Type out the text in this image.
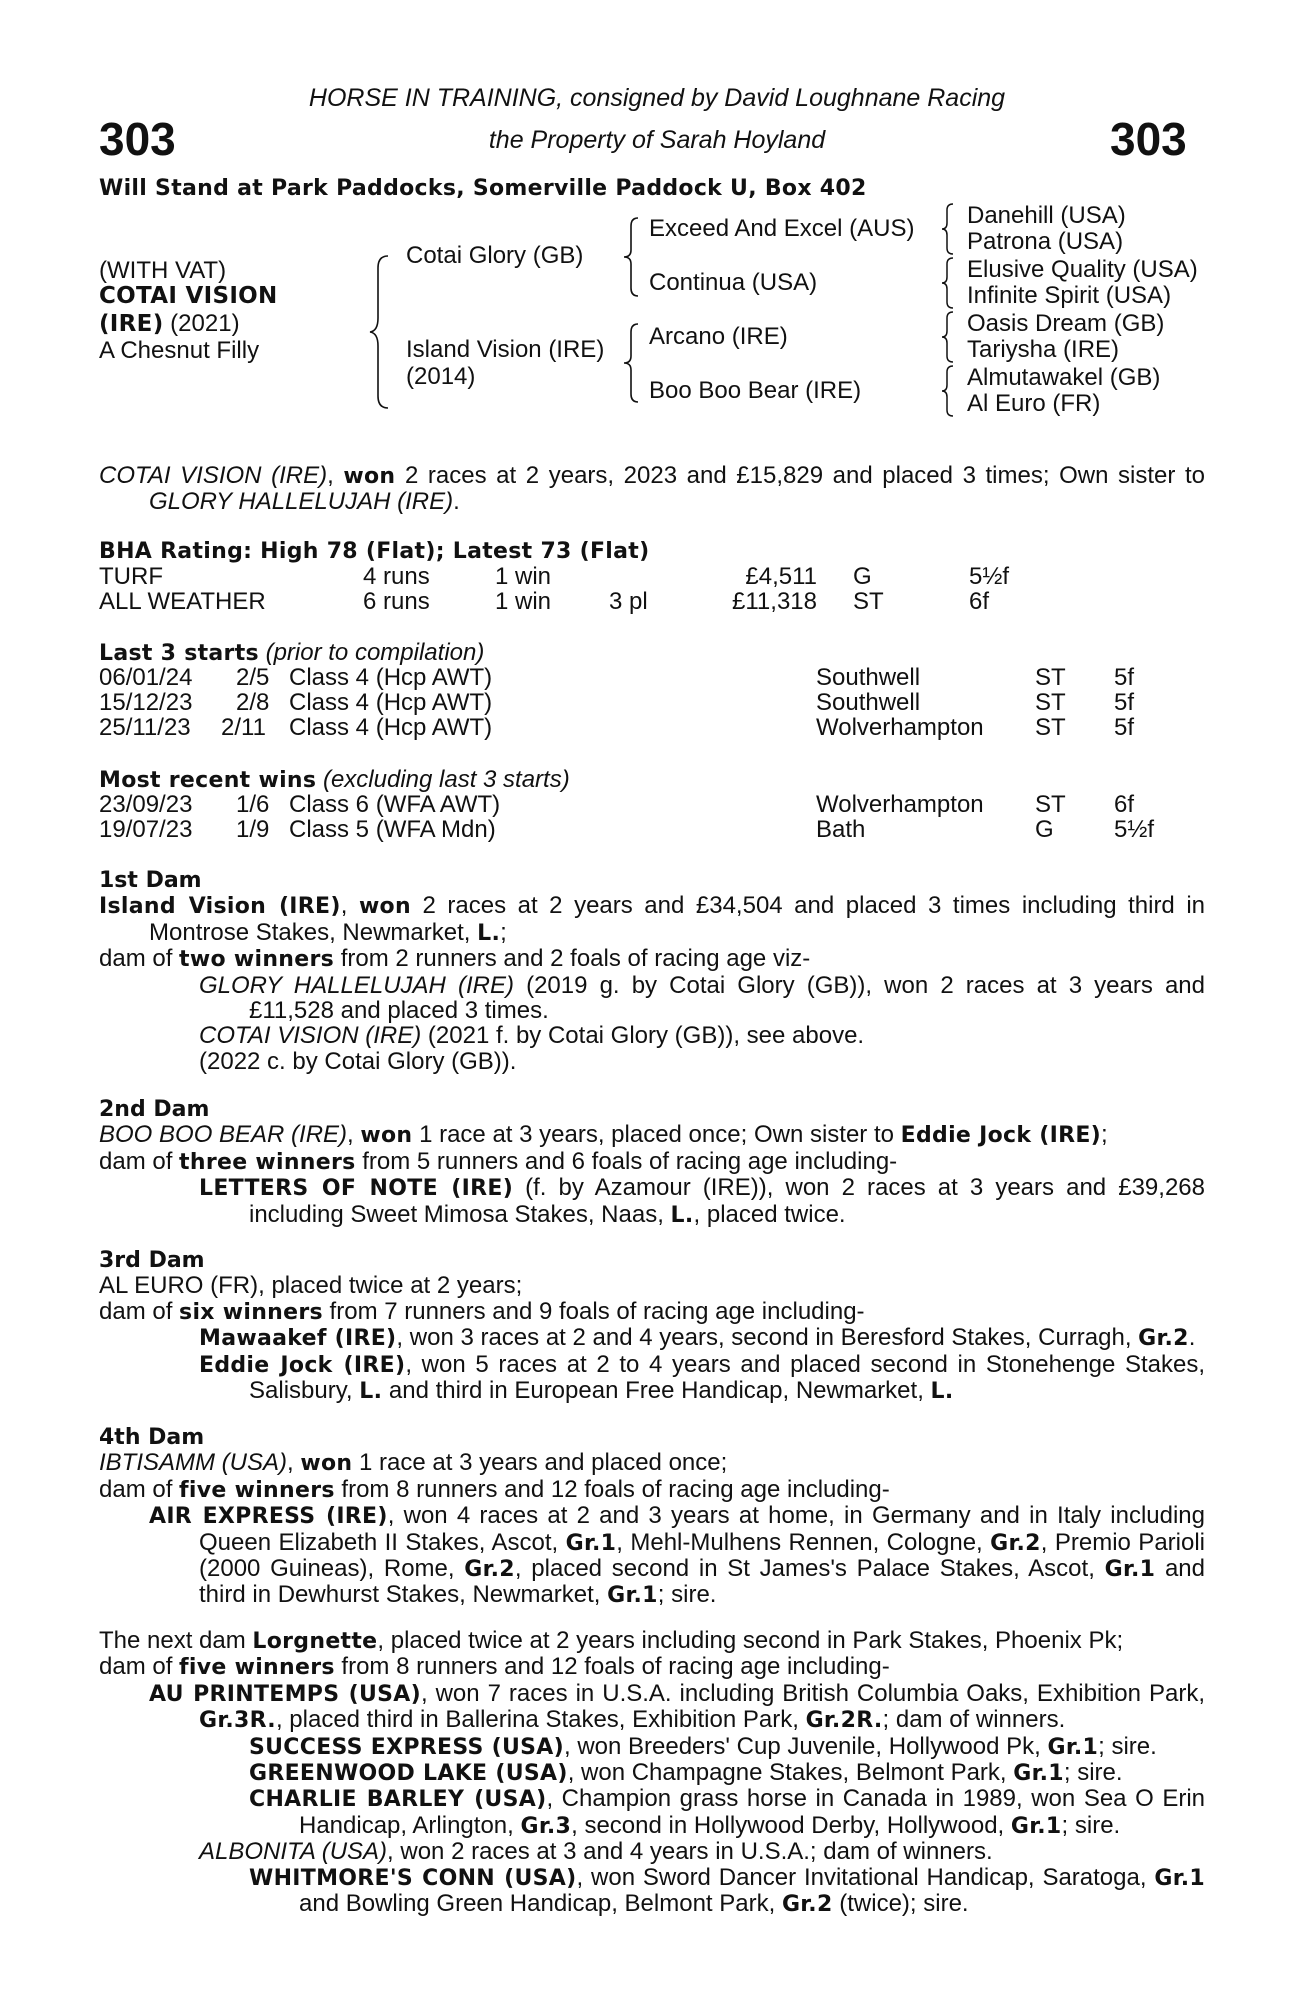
303	303
HORSE IN TRAINING, consigned by David Loughnane Racing
the Property of Sarah Hoyland
Will Stand at Park Paddocks, Somerville Paddock U, Box 402
(WITH VAT)
COTAI VISION
(IRE) (2021)
A Chesnut Filly
Cotai Glory (GB)
Island Vision (IRE)
(2014)
Exceed And Excel (AUS)
Continua (USA)
Arcano (IRE)
Boo Boo Bear (IRE)
Danehill (USA)
Patrona (USA)
Elusive Quality (USA)
Infinite Spirit (USA)
Oasis Dream (GB)
Tariysha (IRE)
Almutawakel (GB)
Al Euro (FR)

COTAI VISION (IRE), won 2 races at 2 years, 2023 and £15,829 and placed 3 times; Own sister to GLORY HALLELUJAH (IRE).

BHA Rating: High 78 (Flat); Latest 73 (Flat)
TURF	4 runs	1 win	£4,511 G	5½f
ALL WEATHER	6 runs	1 win 3 pl	£11,318 ST	6f
Last 3 starts (prior to compilation)
06/01/24 2/5 Class 4 (Hcp AWT)	Southwell	ST 5f
15/12/23 2/8 Class 4 (Hcp AWT)	Southwell	ST 5f
25/11/23 2/11 Class 4 (Hcp AWT)	Wolverhampton ST 5f
Most recent wins (excluding last 3 starts)
23/09/23 1/6 Class 6 (WFA AWT)	Wolverhampton ST 6f
19/07/23 1/9 Class 5 (WFA Mdn)	Bath	G	5½f

1st Dam

Island Vision (IRE), won 2 races at 2 years and £34,504 and placed 3 times including third in Montrose Stakes, Newmarket, L.;

dam of two winners from 2 runners and 2 foals of racing age viz-

GLORY HALLELUJAH (IRE) (2019 g. by Cotai Glory (GB)), won 2 races at 3 years and £11,528 and placed 3 times.

COTAI VISION (IRE) (2021 f. by Cotai Glory (GB)), see above.

(2022 c. by Cotai Glory (GB)).

2nd Dam

BOO BOO BEAR (IRE), won 1 race at 3 years, placed once; Own sister to Eddie Jock (IRE);

dam of three winners from 5 runners and 6 foals of racing age including-

LETTERS OF NOTE (IRE) (f. by Azamour (IRE)), won 2 races at 3 years and £39,268 including Sweet Mimosa Stakes, Naas, L., placed twice.

3rd Dam

AL EURO (FR), placed twice at 2 years;

dam of six winners from 7 runners and 9 foals of racing age including-

Mawaakef (IRE), won 3 races at 2 and 4 years, second in Beresford Stakes, Curragh, Gr.2.

Eddie Jock (IRE), won 5 races at 2 to 4 years and placed second in Stonehenge Stakes, Salisbury, L. and third in European Free Handicap, Newmarket, L.

4th Dam

IBTISAMM (USA), won 1 race at 3 years and placed once;

dam of five winners from 8 runners and 12 foals of racing age including-

AIR EXPRESS (IRE), won 4 races at 2 and 3 years at home, in Germany and in Italy including Queen Elizabeth II Stakes, Ascot, Gr.1, Mehl-Mulhens Rennen, Cologne, Gr.2, Premio Parioli (2000 Guineas), Rome, Gr.2, placed second in St James's Palace Stakes, Ascot, Gr.1 and third in Dewhurst Stakes, Newmarket, Gr.1; sire.

The next dam Lorgnette, placed twice at 2 years including second in Park Stakes, Phoenix Pk;

dam of five winners from 8 runners and 12 foals of racing age including-

AU PRINTEMPS (USA), won 7 races in U.S.A. including British Columbia Oaks, Exhibition Park, Gr.3R., placed third in Ballerina Stakes, Exhibition Park, Gr.2R.; dam of winners.

SUCCESS EXPRESS (USA), won Breeders' Cup Juvenile, Hollywood Pk, Gr.1; sire.

GREENWOOD LAKE (USA), won Champagne Stakes, Belmont Park, Gr.1; sire.

CHARLIE BARLEY (USA), Champion grass horse in Canada in 1989, won Sea O Erin Handicap, Arlington, Gr.3, second in Hollywood Derby, Hollywood, Gr.1; sire.

ALBONITA (USA), won 2 races at 3 and 4 years in U.S.A.; dam of winners.

WHITMORE'S CONN (USA), won Sword Dancer Invitational Handicap, Saratoga, Gr.1 and Bowling Green Handicap, Belmont Park, Gr.2 (twice); sire.
